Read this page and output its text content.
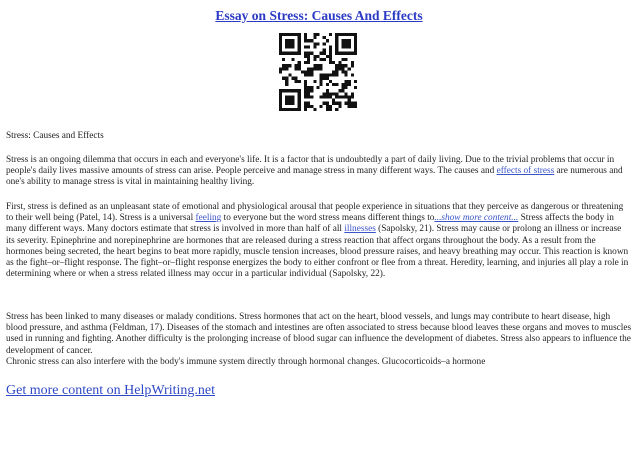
Essay on Stress: Causes And Effects
Stress: Causes and Effects

Stress is an ongoing dilemma that occurs in each and everyone's life. It is a factor that is undoubtedly a part of daily living. Due to the trivial problems that occur in people's daily lives massive amounts of stress can arise. People perceive and manage stress in many different ways. The causes and effects of stress are numerous and one's ability to manage stress is vital in maintaining healthy living.

First, stress is defined as an unpleasant state of emotional and physiological arousal that people experience in situations that they perceive as dangerous or threatening to their well being (Patel, 14). Stress is a universal feeling to everyone but the word stress means different things to...show more content... Stress affects the body in many different ways. Many doctors estimate that stress is involved in more than half of all illnesses (Sapolsky, 21). Stress may cause or prolong an illness or increase its severity. Epinephrine and norepinephrine are hormones that are released during a stress reaction that affect organs throughout the body. As a result from the hormones being secreted, the heart begins to beat more rapidly, muscle tension increases, blood pressure raises, and heavy breathing may occur. This reaction is known as the fight–or–flight response. The fight–or–flight response energizes the body to either confront or flee from a threat. Heredity, learning, and injuries all play a role in determining where or when a stress related illness may occur in a particular individual (Sapolsky, 22).

Stress has been linked to many diseases or malady conditions. Stress hormones that act on the heart, blood vessels, and lungs may contribute to heart disease, high blood pressure, and asthma (Feldman, 17). Diseases of the stomach and intestines are often associated to stress because blood leaves these organs and moves to muscles used in running and fighting. Another difficulty is the prolonging increase of blood sugar can influence the development of diabetes. Stress also appears to influence the development of cancer.
Chronic stress can also interfere with the body's immune system directly through hormonal changes. Glucocorticoids–a hormone

Get more content on HelpWriting.net
